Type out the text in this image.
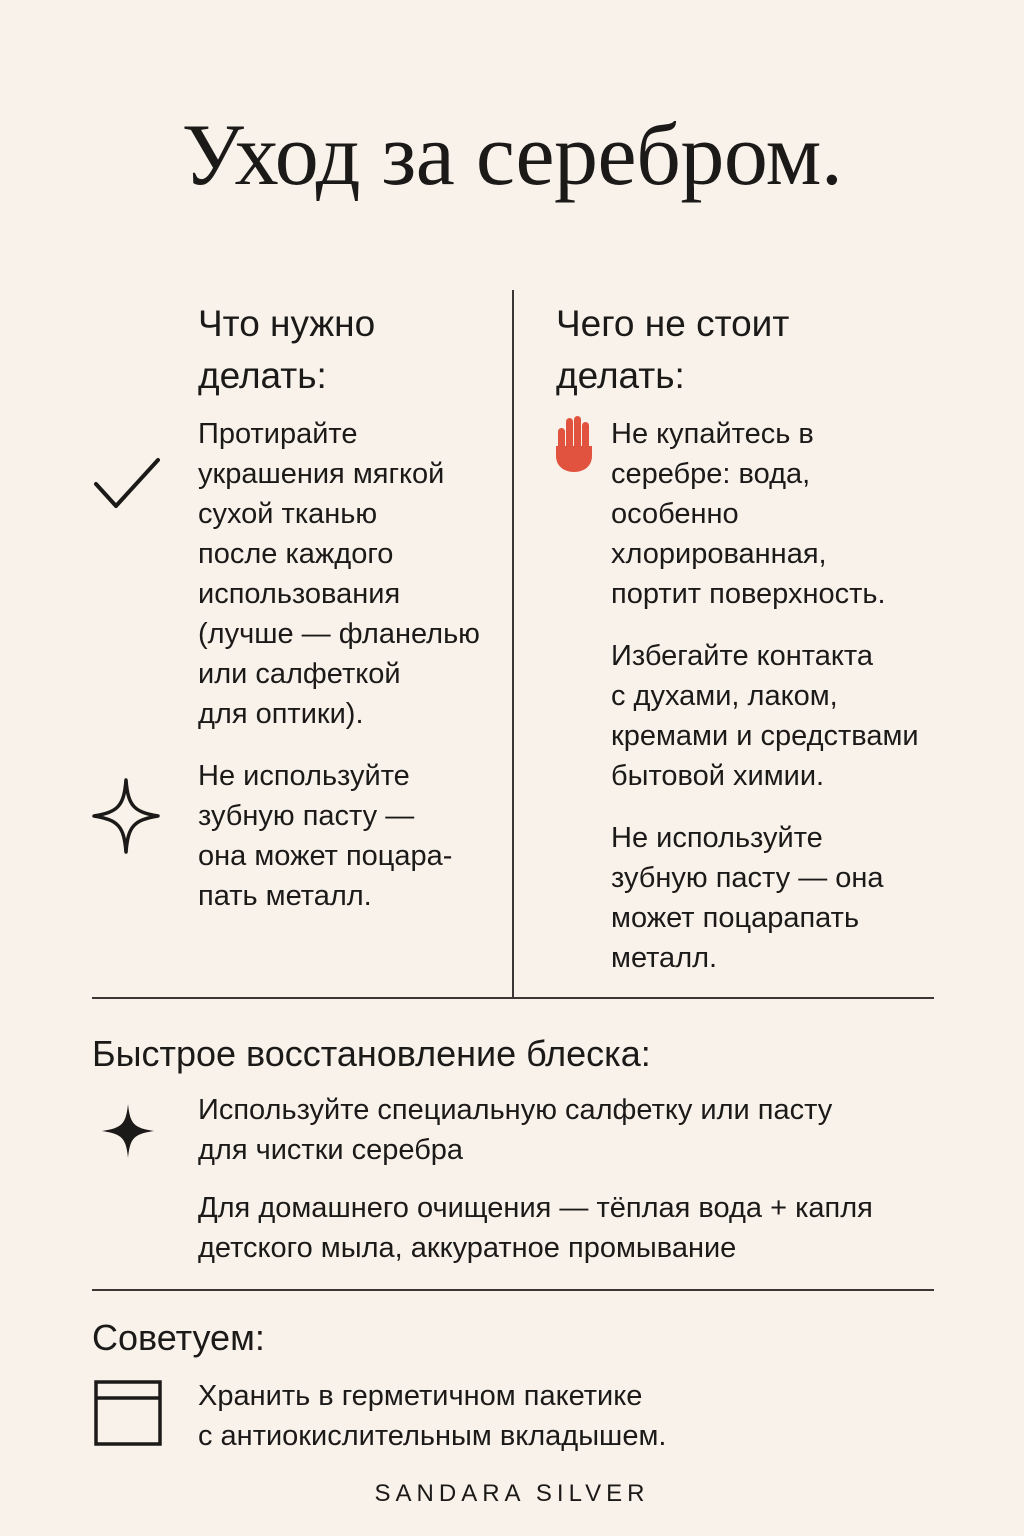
Уход за серебром.
Что нужно
делать:

Протирайте
украшения мягкой
сухой тканью
после каждого
использования
(лучше — фланелью
или салфеткой
для оптики).

Не используйте
зубную пасту —
она может поцара-
пать металл.

Чего не стоит
делать:

Не купайтесь в
серебре: вода,
особенно
хлорированная,
портит поверхность.

Избегайте контакта
с духами, лаком,
кремами и средствами
бытовой химии.

Не используйте
зубную пасту — она
может поцарапать
металл.

Быстрое восстановление блеска:

Используйте специальную салфетку или пасту
для чистки серебра

Для домашнего очищения — тёплая вода + капля
детского мыла, аккуратное промывание

Советуем:

Хранить в герметичном пакетике
с антиокислительным вкладышем.

SANDARA SILVER
